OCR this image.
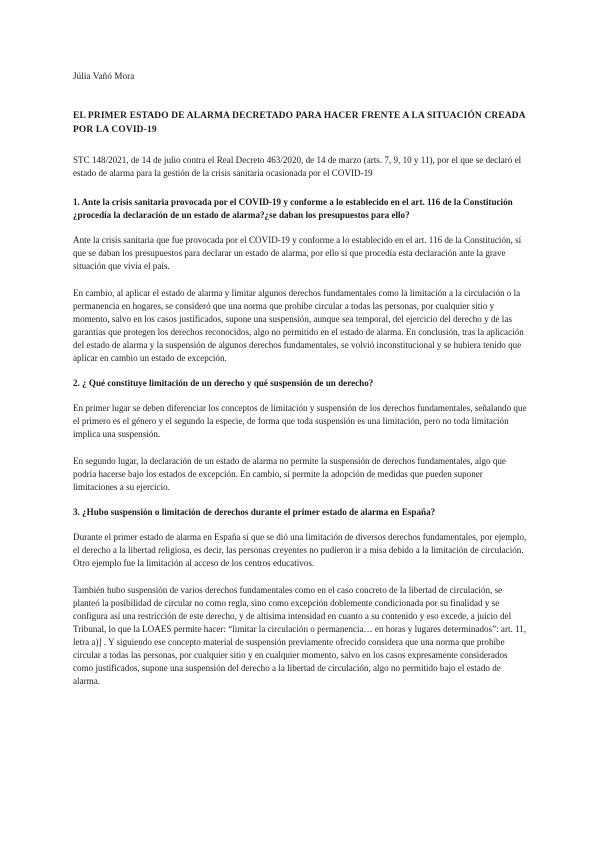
Júlia Vañó Mora

EL PRIMER ESTADO DE ALARMA DECRETADO PARA HACER FRENTE A LA SITUACIÓN CREADA POR LA COVID-19

STC 148/2021, de 14 de julio contra el Real Decreto 463/2020, de 14 de marzo (arts. 7, 9, 10 y 11), por el que se declaró el estado de alarma para la gestión de la crisis sanitaria ocasionada por el COVID-19

1. Ante la crisis sanitaria provocada por el COVID-19 y conforme a lo establecido en el art. 116 de la Constitución ¿procedía la declaración de un estado de alarma?¿se daban los presupuestos para ello?

Ante la crisis sanitaria que fue provocada por el COVID-19 y conforme a lo establecido en el art. 116 de la Constitución, sí que se daban los presupuestos para declarar un estado de alarma, por ello sí que procedía esta declaración ante la grave situación que vivía el país.

En cambio, al aplicar el estado de alarma y limitar algunos derechos fundamentales como la limitación a la circulación o la permanencia en hogares, se consideró que una norma que prohíbe circular a todas las personas, por cualquier sitio y momento, salvo en los casos justificados, supone una suspensión, aunque sea temporal, del ejercicio del derecho y de las garantías que protegen los derechos reconocidos, algo no permitido en el estado de alarma. En conclusión, tras la aplicación del estado de alarma y la suspensión de algunos derechos fundamentales, se volvió inconstitucional y se hubiera tenido que aplicar en cambio un estado de excepción.

2. ¿ Qué constituye limitación de un derecho y qué suspensión de un derecho?

En primer lugar se deben diferenciar los conceptos de limitación y suspensión de los derechos fundamentales, señalando que el primero es el género y el segundo la especie, de forma que toda suspensión es una limitación, pero no toda limitación implica una suspensión.

En segundo lugar, la declaración de un estado de alarma no permite la suspensión de derechos fundamentales, algo que podría hacerse bajo los estados de excepción. En cambio, sí permite la adopción de medidas que pueden suponer limitaciones a su ejercicio.

3. ¿Hubo suspensión o limitación de derechos durante el primer estado de alarma en España?

Durante el primer estado de alarma en España sí que se dió una limitación de diversos derechos fundamentales, por ejemplo, el derecho a la libertad religiosa, es decir, las personas creyentes no pudieron ir a misa debido a la limitación de circulación. Otro ejemplo fue la limitación al acceso de los centros educativos.

También hubo suspensión de varios derechos fundamentales como en el caso concreto de la libertad de circulación, se planteó la posibilidad de circular no como regla, sino como excepción doblemente condicionada por su finalidad y se configura así una restricción de este derecho, y de altísima intensidad en cuanto a su contenido y eso excede, a juicio del Tribunal, lo que la LOAES permite hacer: “limitar la circulación o permanencia… en horas y lugares determinados”: art. 11, letra a)] . Y siguiendo ese concepto material de suspensión previamente ofrecido considera que una norma que prohíbe circular a todas las personas, por cualquier sitio y en cualquier momento, salvo en los casos expresamente considerados como justificados, supone una suspensión del derecho a la libertad de circulación, algo no permitido bajo el estado de alarma.
